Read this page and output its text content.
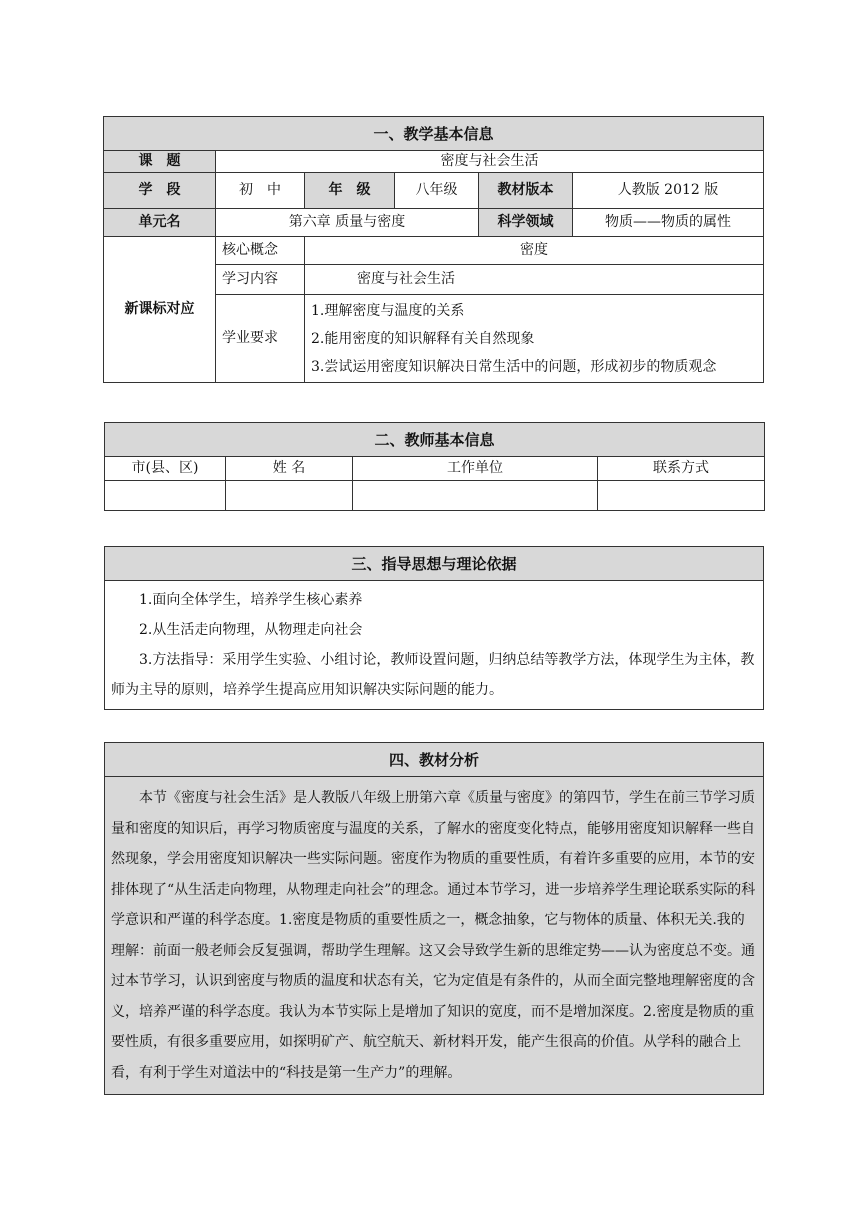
一、教学基本信息					
课　题	密度与社会生活				
学　段	初　中	年　级	八年级	教材版本	人教版 2012 版
单元名	第六章 质量与密度			科学领域	物质——物质的属性
新课标对应	核心概念	密度			
	学习内容	密度与社会生活			
	学业要求	1.理解密度与温度的关系
2.能用密度的知识解释有关自然现象
3.尝试运用密度知识解决日常生活中的问题，形成初步的物质观念			
二、教师基本信息			
市(县、区)	姓 名	工作单位	联系方式

三、指导思想与理论依据

1.面向全体学生，培养学生核心素养

2.从生活走向物理，从物理走向社会

3.方法指导：采用学生实验、小组讨论，教师设置问题，归纳总结等教学方法，体现学生为主体，教师为主导的原则，培养学生提高应用知识解决实际问题的能力。

四、教材分析

本节《密度与社会生活》是人教版八年级上册第六章《质量与密度》的第四节，学生在前三节学习质量和密度的知识后，再学习物质密度与温度的关系，了解水的密度变化特点，能够用密度知识解释一些自然现象，学会用密度知识解决一些实际问题。密度作为物质的重要性质，有着许多重要的应用，本节的安排体现了“从生活走向物理，从物理走向社会”的理念。通过本节学习，进一步培养学生理论联系实际的科学意识和严谨的科学态度。1.密度是物质的重要性质之一，概念抽象，它与物体的质量、体积无关.我的理解：前面一般老师会反复强调，帮助学生理解。这又会导致学生新的思维定势——认为密度总不变。通过本节学习，认识到密度与物质的温度和状态有关，它为定值是有条件的，从而全面完整地理解密度的含义，培养严谨的科学态度。我认为本节实际上是增加了知识的宽度，而不是增加深度。2.密度是物质的重要性质，有很多重要应用，如探明矿产、航空航天、新材料开发，能产生很高的价值。从学科的融合上看，有利于学生对道法中的“科技是第一生产力”的理解。
